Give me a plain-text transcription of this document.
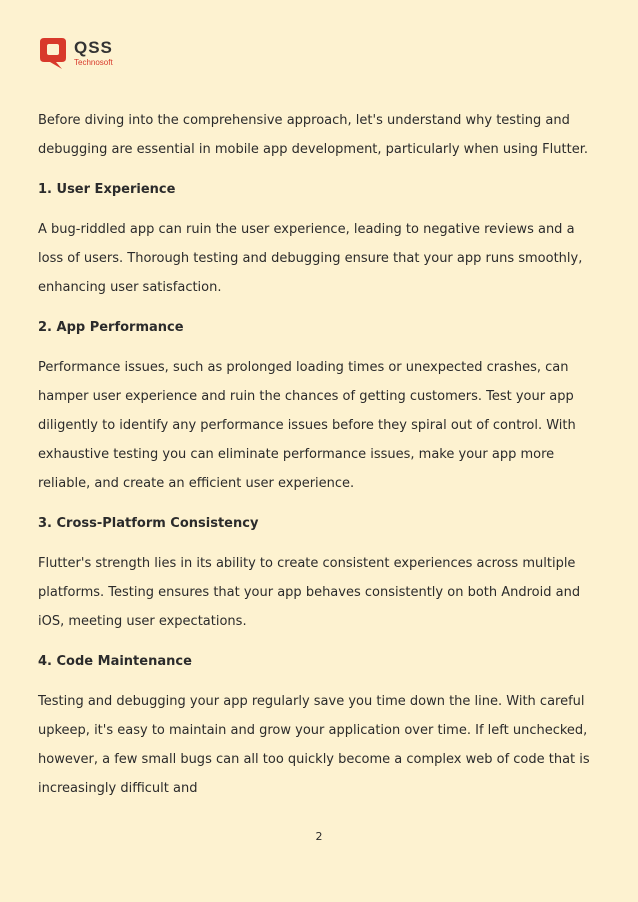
QSS
Technosoft

Before diving into the comprehensive approach, let's understand why testing and debugging are essential in mobile app development, particularly when using Flutter.

1. User Experience

A bug-riddled app can ruin the user experience, leading to negative reviews and a loss of users. Thorough testing and debugging ensure that your app runs smoothly, enhancing user satisfaction.

2. App Performance

Performance issues, such as prolonged loading times or unexpected crashes, can hamper user experience and ruin the chances of getting customers. Test your app diligently to identify any performance issues before they spiral out of control. With exhaustive testing you can eliminate performance issues, make your app more reliable, and create an efficient user experience.

3. Cross-Platform Consistency

Flutter's strength lies in its ability to create consistent experiences across multiple platforms. Testing ensures that your app behaves consistently on both Android and iOS, meeting user expectations.

4. Code Maintenance

Testing and debugging your app regularly save you time down the line. With careful upkeep, it's easy to maintain and grow your application over time. If left unchecked, however, a few small bugs can all too quickly become a complex web of code that is increasingly difficult and

2
